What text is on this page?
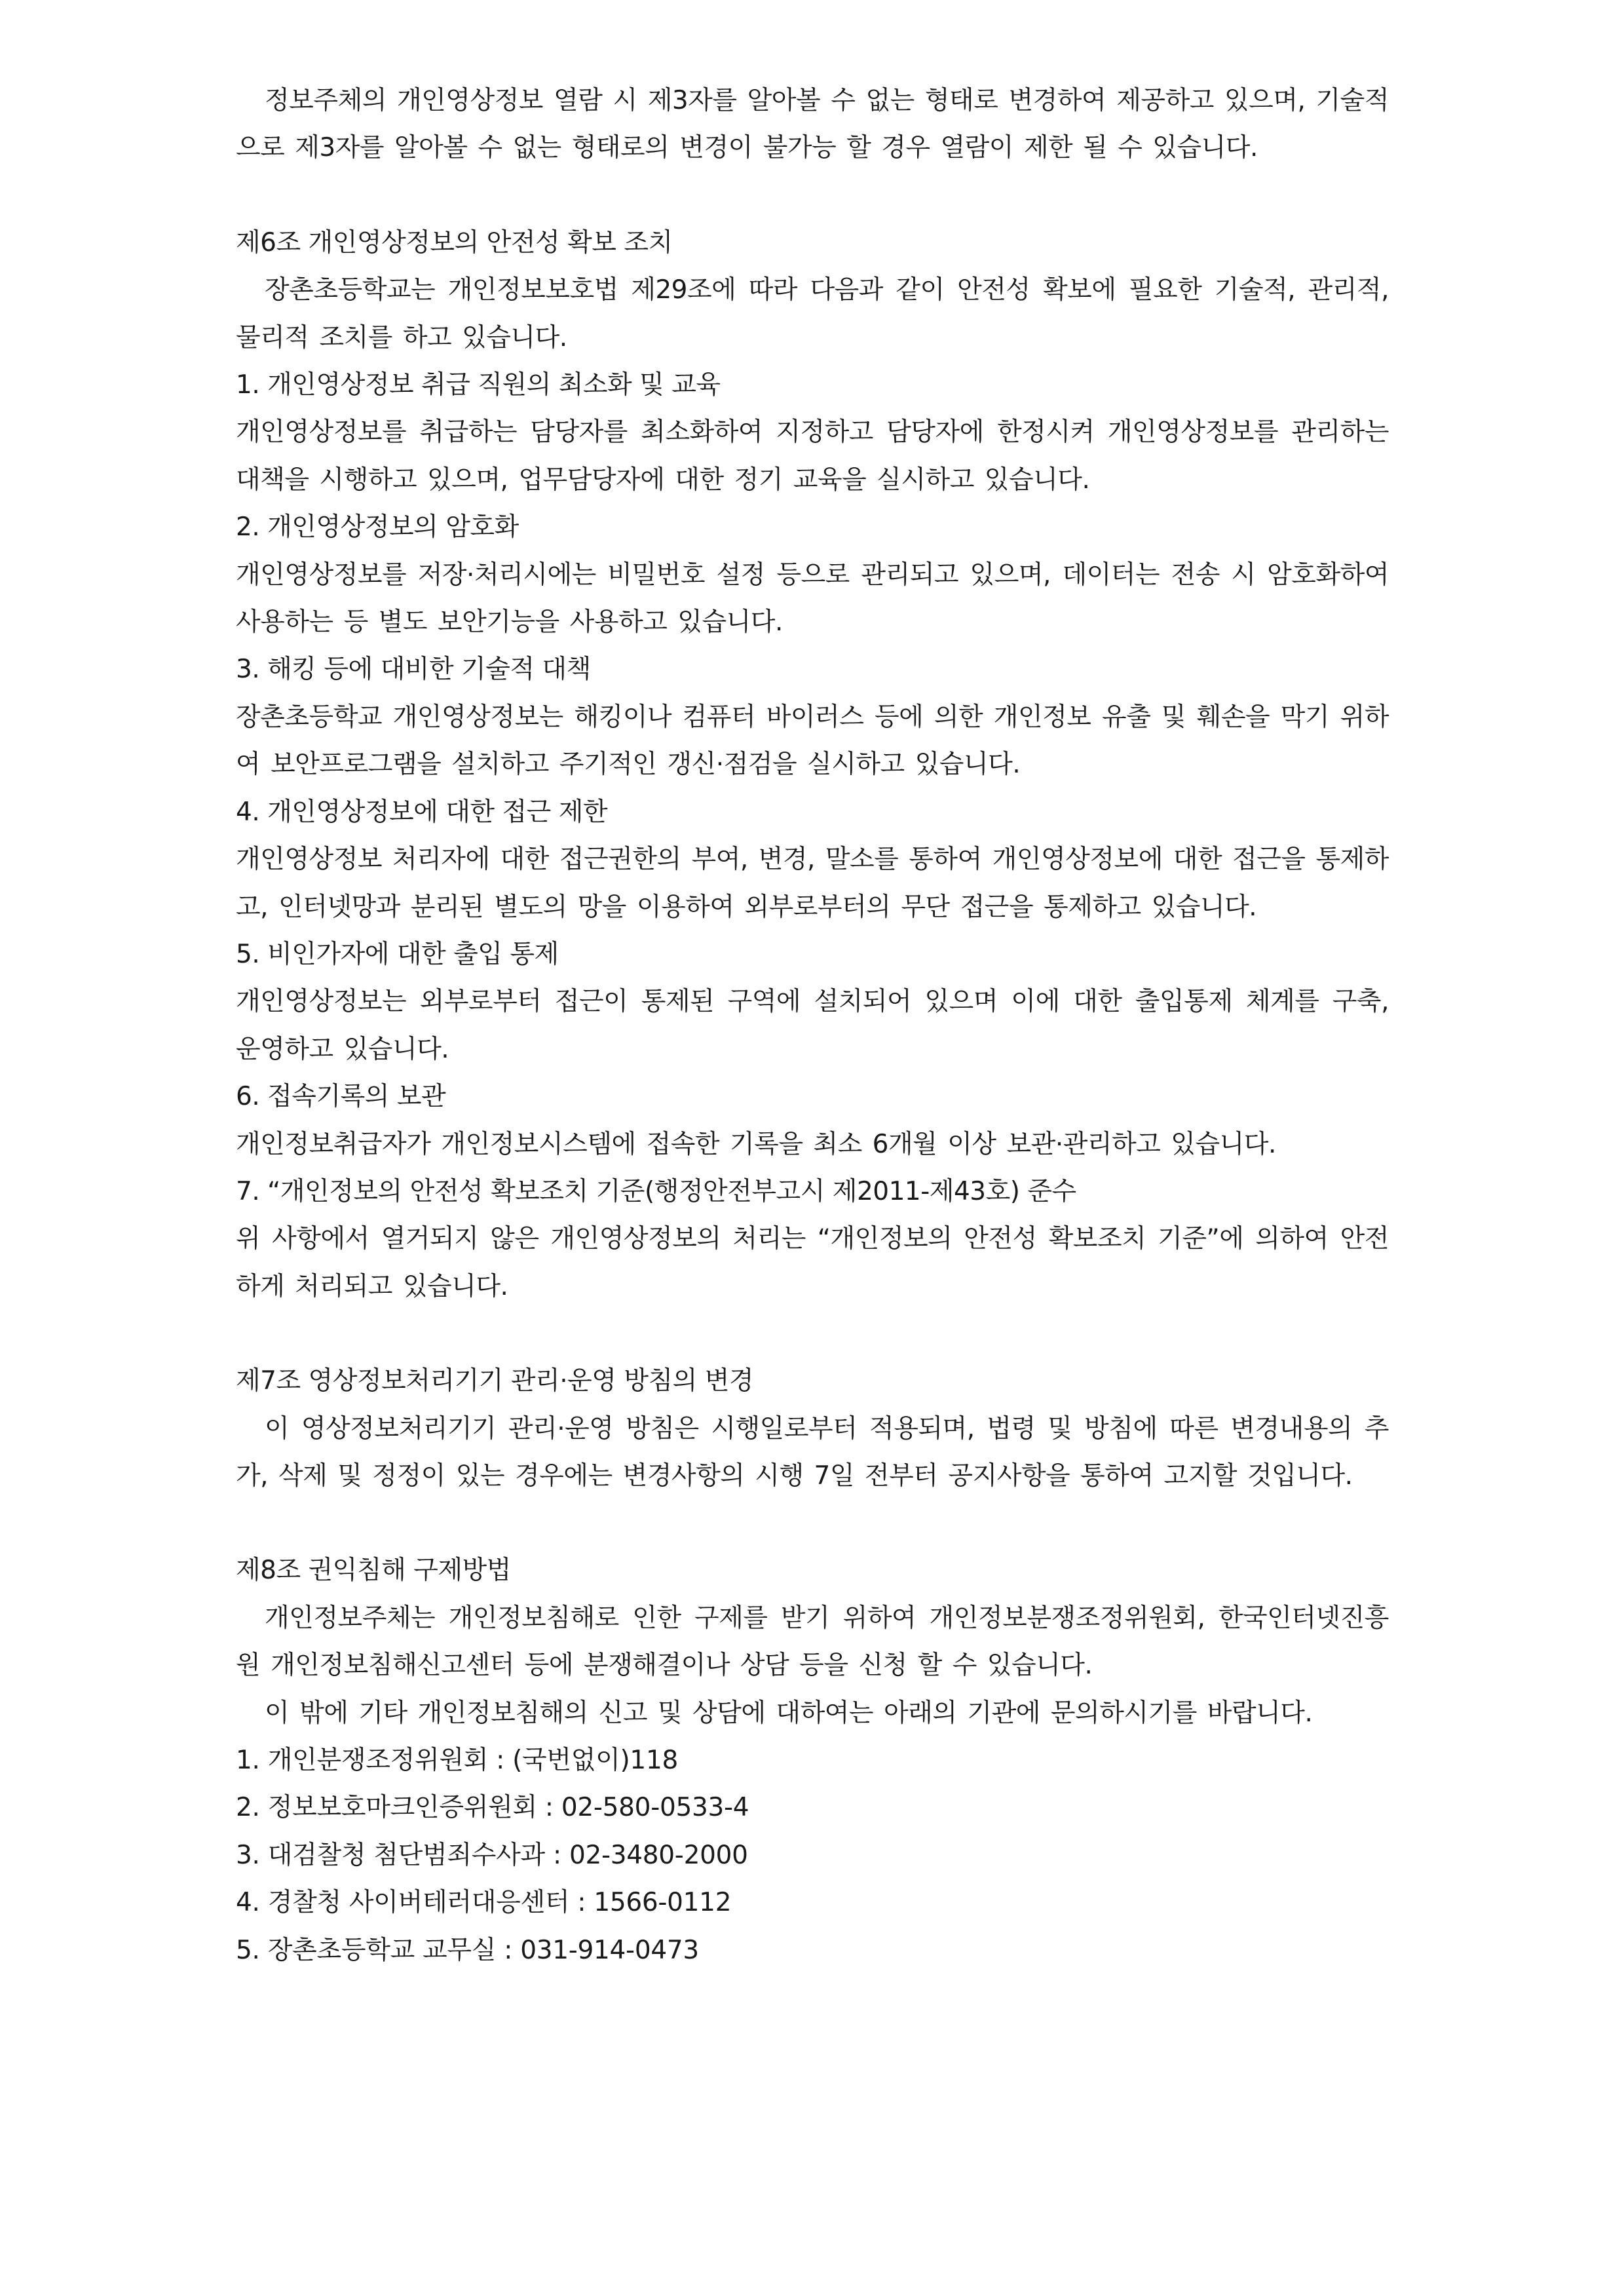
정보주체의 개인영상정보 열람 시 제3자를 알아볼 수 없는 형태로 변경하여 제공하고 있으며, 기술적으로 제3자를 알아볼 수 없는 형태로의 변경이 불가능 할 경우 열람이 제한 될 수 있습니다.

제6조 개인영상정보의 안전성 확보 조치

장촌초등학교는 개인정보보호법 제29조에 따라 다음과 같이 안전성 확보에 필요한 기술적, 관리적, 물리적 조치를 하고 있습니다.

1. 개인영상정보 취급 직원의 최소화 및 교육

개인영상정보를 취급하는 담당자를 최소화하여 지정하고 담당자에 한정시켜 개인영상정보를 관리하는 대책을 시행하고 있으며, 업무담당자에 대한 정기 교육을 실시하고 있습니다.

2. 개인영상정보의 암호화

개인영상정보를 저장·처리시에는 비밀번호 설정 등으로 관리되고 있으며, 데이터는 전송 시 암호화하여 사용하는 등 별도 보안기능을 사용하고 있습니다.

3. 해킹 등에 대비한 기술적 대책

장촌초등학교 개인영상정보는 해킹이나 컴퓨터 바이러스 등에 의한 개인정보 유출 및 훼손을 막기 위하여 보안프로그램을 설치하고 주기적인 갱신·점검을 실시하고 있습니다.

4. 개인영상정보에 대한 접근 제한

개인영상정보 처리자에 대한 접근권한의 부여, 변경, 말소를 통하여 개인영상정보에 대한 접근을 통제하고, 인터넷망과 분리된 별도의 망을 이용하여 외부로부터의 무단 접근을 통제하고 있습니다.

5. 비인가자에 대한 출입 통제

개인영상정보는 외부로부터 접근이 통제된 구역에 설치되어 있으며 이에 대한 출입통제 체계를 구축, 운영하고 있습니다.

6. 접속기록의 보관

개인정보취급자가 개인정보시스템에 접속한 기록을 최소 6개월 이상 보관·관리하고 있습니다.

7. “개인정보의 안전성 확보조치 기준(행정안전부고시 제2011-제43호) 준수

위 사항에서 열거되지 않은 개인영상정보의 처리는 “개인정보의 안전성 확보조치 기준”에 의하여 안전하게 처리되고 있습니다.

제7조 영상정보처리기기 관리·운영 방침의 변경

이 영상정보처리기기 관리·운영 방침은 시행일로부터 적용되며, 법령 및 방침에 따른 변경내용의 추가, 삭제 및 정정이 있는 경우에는 변경사항의 시행 7일 전부터 공지사항을 통하여 고지할 것입니다.

제8조 권익침해 구제방법

개인정보주체는 개인정보침해로 인한 구제를 받기 위하여 개인정보분쟁조정위원회, 한국인터넷진흥원 개인정보침해신고센터 등에 분쟁해결이나 상담 등을 신청 할 수 있습니다.

이 밖에 기타 개인정보침해의 신고 및 상담에 대하여는 아래의 기관에 문의하시기를 바랍니다.

1. 개인분쟁조정위원회 : (국번없이)118

2. 정보보호마크인증위원회 : 02-580-0533-4

3. 대검찰청 첨단범죄수사과 : 02-3480-2000

4. 경찰청 사이버테러대응센터 : 1566-0112

5. 장촌초등학교 교무실 : 031-914-0473
